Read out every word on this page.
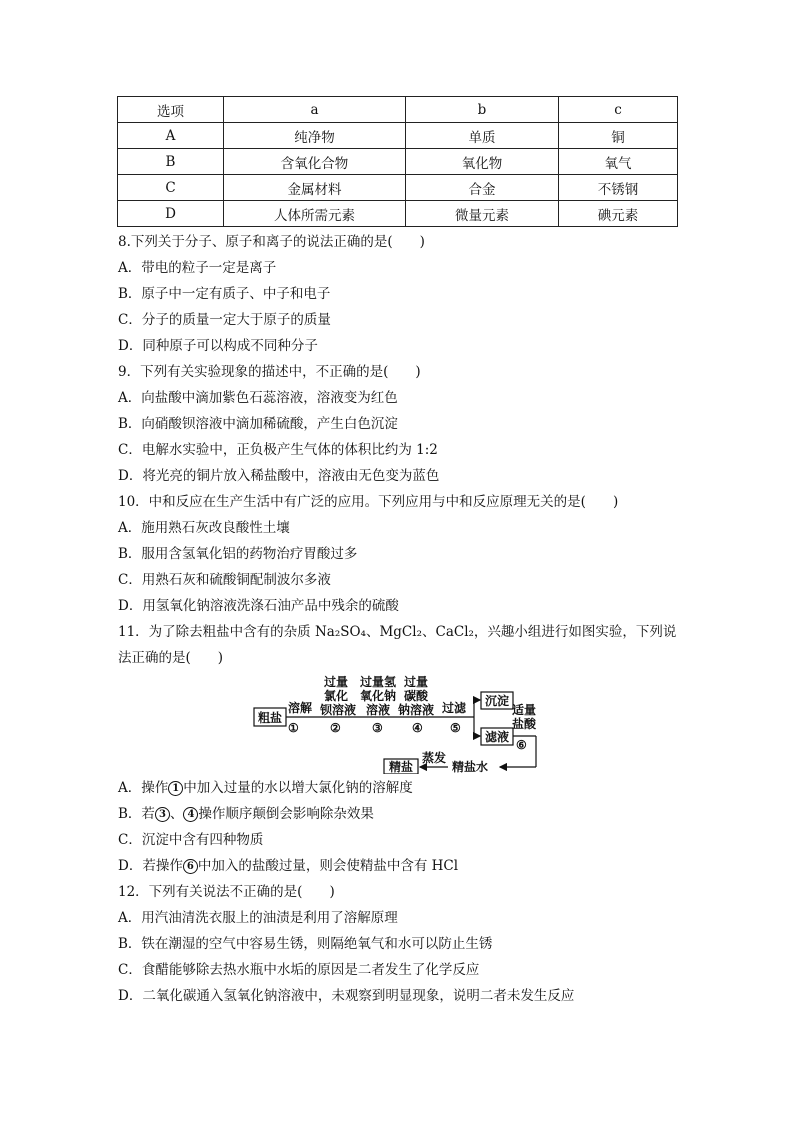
选项	a	b	c
A	纯净物	单质	铜
B	含氧化合物	氧化物	氧气
C	金属材料	合金	不锈钢
D	人体所需元素	微量元素	碘元素
8.下列关于分子、原子和离子的说法正确的是(　　)
A．带电的粒子一定是离子
B．原子中一定有质子、中子和电子
C．分子的质量一定大于原子的质量
D．同种原子可以构成不同种分子
9．下列有关实验现象的描述中，不正确的是(　　)
A．向盐酸中滴加紫色石蕊溶液，溶液变为红色
B．向硝酸钡溶液中滴加稀硫酸，产生白色沉淀
C．电解水实验中，正负极产生气体的体积比约为 1:2
D．将光亮的铜片放入稀盐酸中，溶液由无色变为蓝色
10．中和反应在生产生活中有广泛的应用。下列应用与中和反应原理无关的是(　　)
A．施用熟石灰改良酸性土壤
B．服用含氢氧化铝的药物治疗胃酸过多
C．用熟石灰和硫酸铜配制波尔多液
D．用氢氧化钠溶液洗涤石油产品中残余的硫酸
11．为了除去粗盐中含有的杂质 Na₂SO₄、MgCl₂、CaCl₂，兴趣小组进行如图实验，下列说
法正确的是(　　)
粗盐
溶解
①
过量
氯化
钡溶液
②
过量氢
氧化钠
溶液
③
过量
碳酸
钠溶液
④
过滤
⑤
沉淀
滤液
适量
盐酸
⑥
精盐水
蒸发
精盐
A．操作 1 中加入过量的水以增大氯化钠的溶解度
B．若 3 、 4 操作顺序颠倒会影响除杂效果
C．沉淀中含有四种物质
D．若操作 6 中加入的盐酸过量，则会使精盐中含有 HCl
12．下列有关说法不正确的是(　　)
A．用汽油清洗衣服上的油渍是利用了溶解原理
B．铁在潮湿的空气中容易生锈，则隔绝氧气和水可以防止生锈
C．食醋能够除去热水瓶中水垢的原因是二者发生了化学反应
D．二氧化碳通入氢氧化钠溶液中，未观察到明显现象，说明二者未发生反应
